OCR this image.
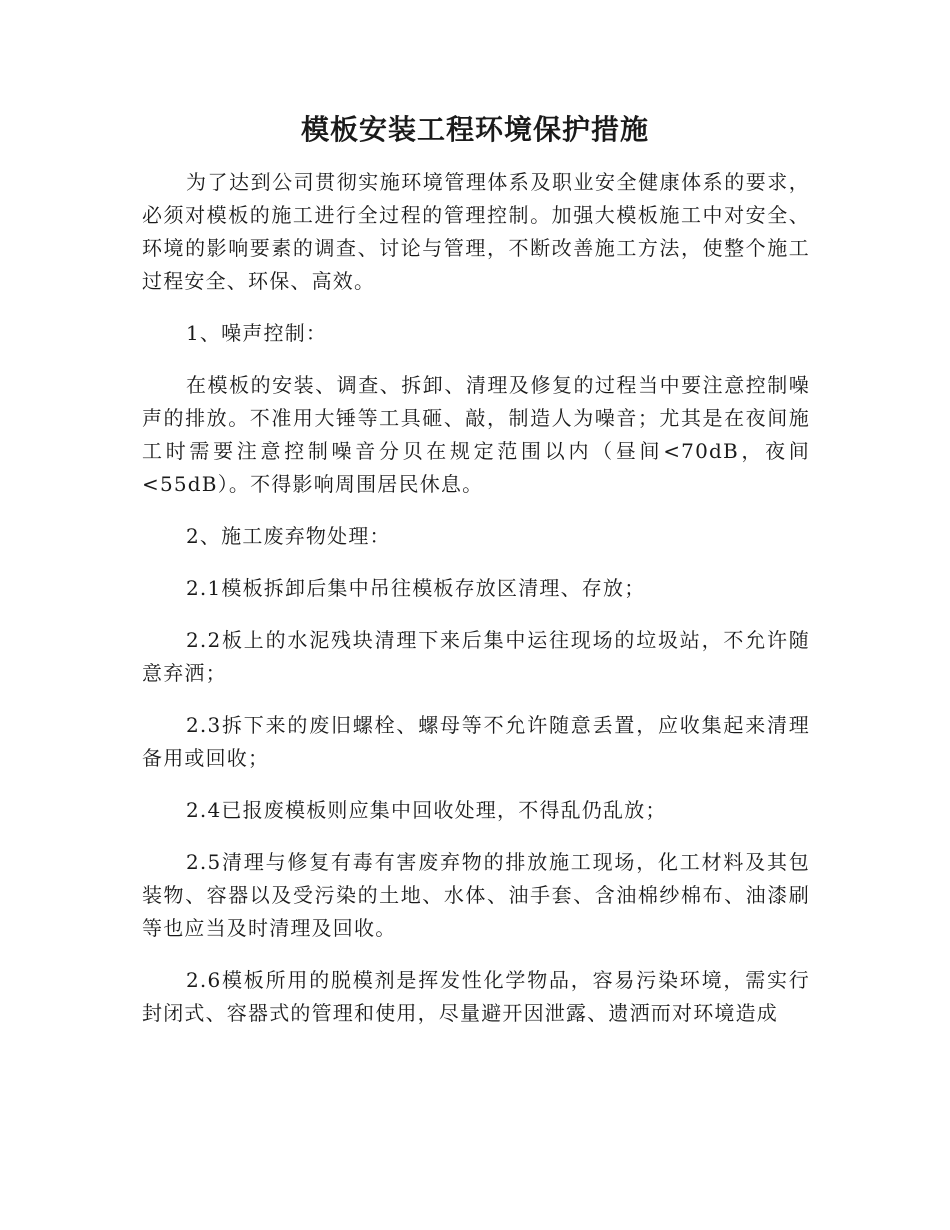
模板安装工程环境保护措施

为了达到公司贯彻实施环境管理体系及职业安全健康体系的要求，必须对模板的施工进行全过程的管理控制。加强大模板施工中对安全、环境的影响要素的调查、讨论与管理，不断改善施工方法，使整个施工过程安全、环保、高效。

1、噪声控制：

在模板的安装、调查、拆卸、清理及修复的过程当中要注意控制噪声的排放。不准用大锤等工具砸、敲，制造人为噪音；尤其是在夜间施工时需要注意控制噪音分贝在规定范围以内（昼间<70dB，夜间<55dB）。不得影响周围居民休息。

2、施工废弃物处理：

2.1模板拆卸后集中吊往模板存放区清理、存放；

2.2板上的水泥残块清理下来后集中运往现场的垃圾站，不允许随意弃洒；

2.3拆下来的废旧螺栓、螺母等不允许随意丢置，应收集起来清理备用或回收；

2.4已报废模板则应集中回收处理，不得乱仍乱放；

2.5清理与修复有毒有害废弃物的排放施工现场，化工材料及其包装物、容器以及受污染的土地、水体、油手套、含油棉纱棉布、油漆刷等也应当及时清理及回收。

2.6模板所用的脱模剂是挥发性化学物品，容易污染环境，需实行封闭式、容器式的管理和使用，尽量避开因泄露、遗洒而对环境造成
